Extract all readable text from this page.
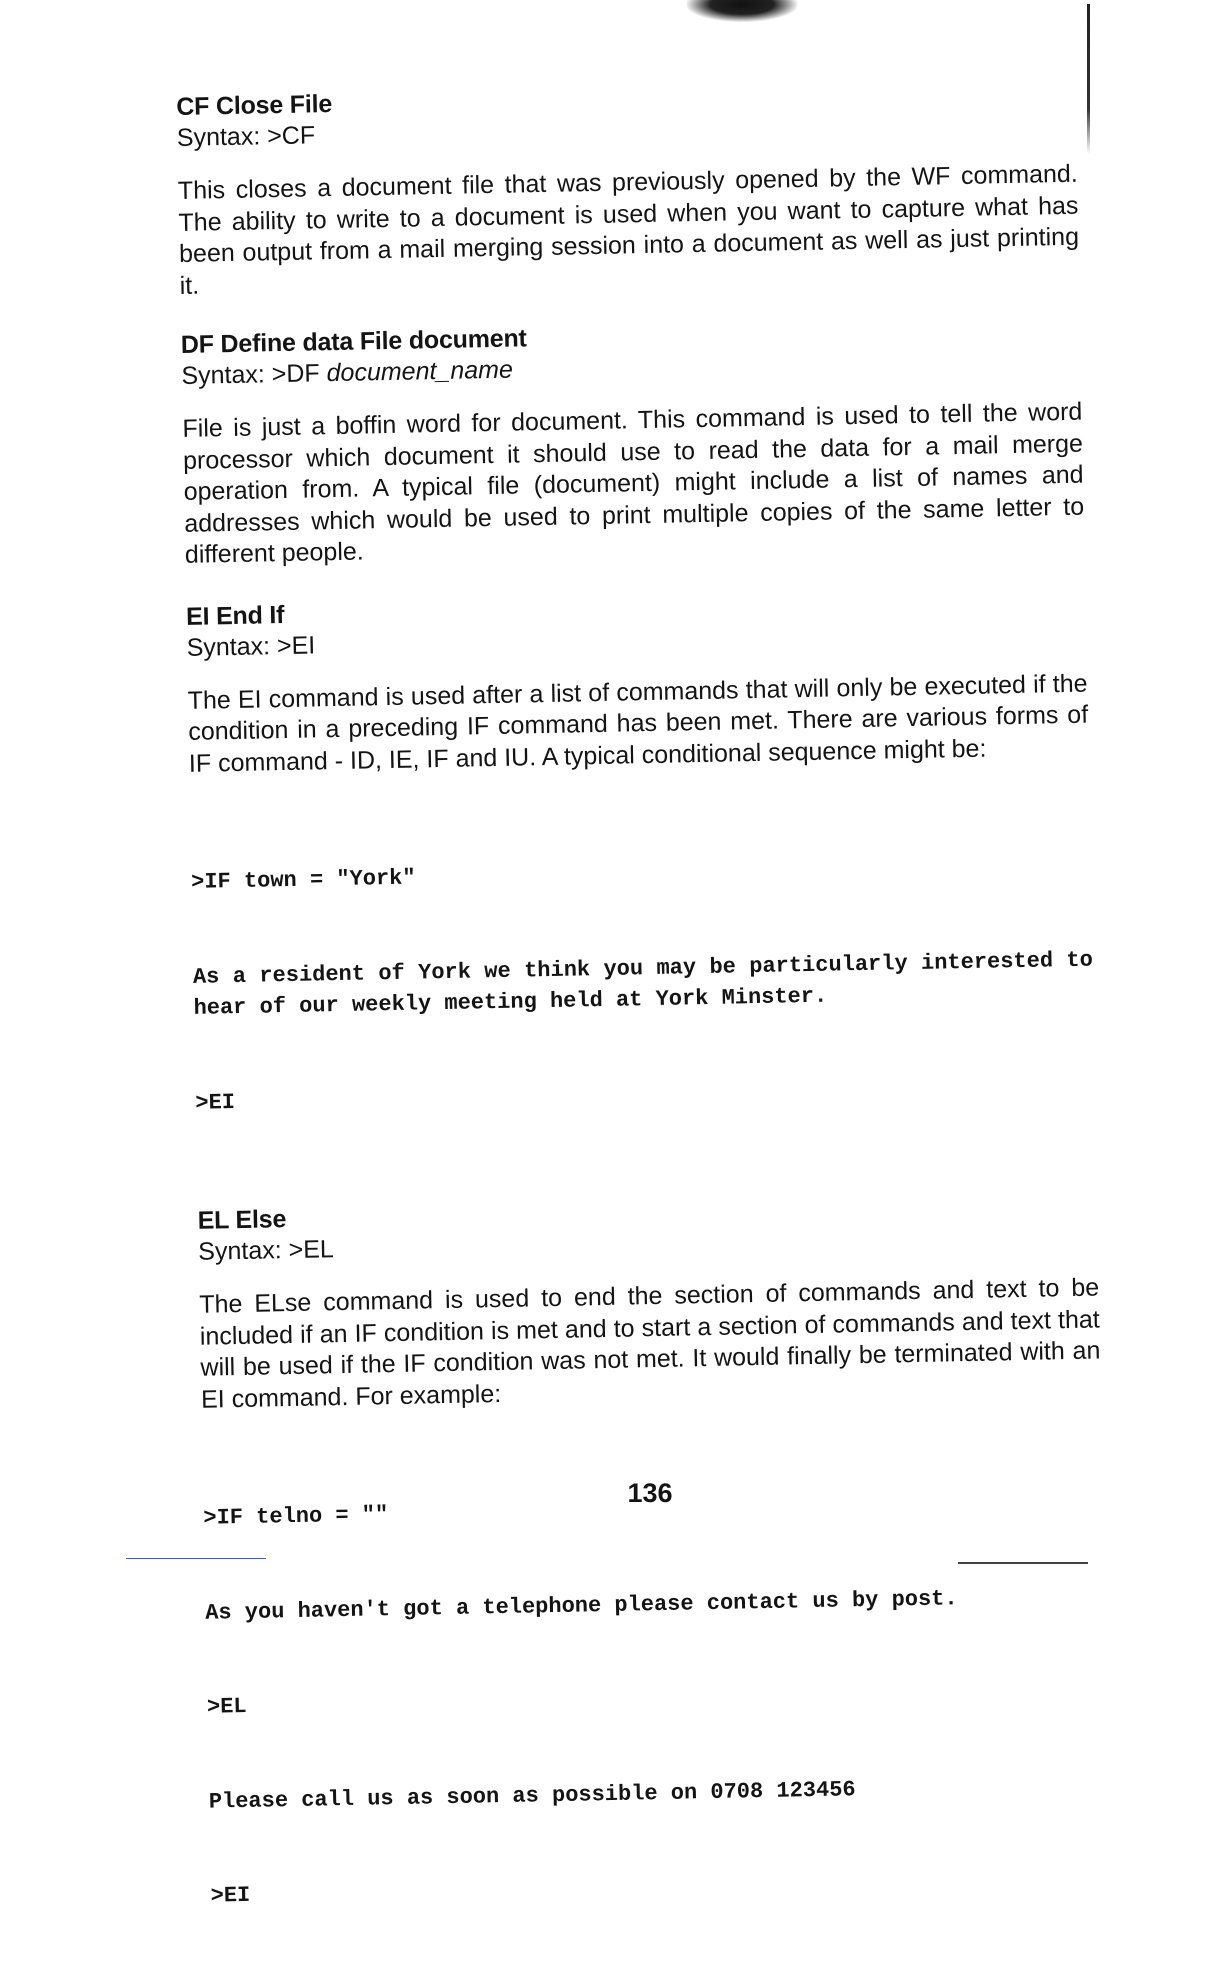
CF Close File

Syntax: >CF

This closes a document file that was previously opened by the WF command. The ability to write to a document is used when you want to capture what has been output from a mail merging session into a document as well as just printing it.

DF Define data File document

Syntax: >DF document_name

File is just a boffin word for document. This command is used to tell the word processor which document it should use to read the data for a mail merge operation from. A typical file (document) might include a list of names and addresses which would be used to print multiple copies of the same letter to different people.

EI End If

Syntax: >EI

The EI command is used after a list of commands that will only be executed if the condition in a preceding IF command has been met. There are various forms of IF command - ID, IE, IF and IU. A typical conditional sequence might be:

>IF town = "York"

As a resident of York we think you may be particularly interested to hear of our weekly meeting held at York Minster.

>EI

EL Else

Syntax: >EL

The ELse command is used to end the section of commands and text to be included if an IF condition is met and to start a section of commands and text that will be used if the IF condition was not met. It would finally be terminated with an EI command. For example:

>IF telno = ""

As you haven't got a telephone please contact us by post.

>EL

Please call us as soon as possible on 0708 123456

>EI

136
